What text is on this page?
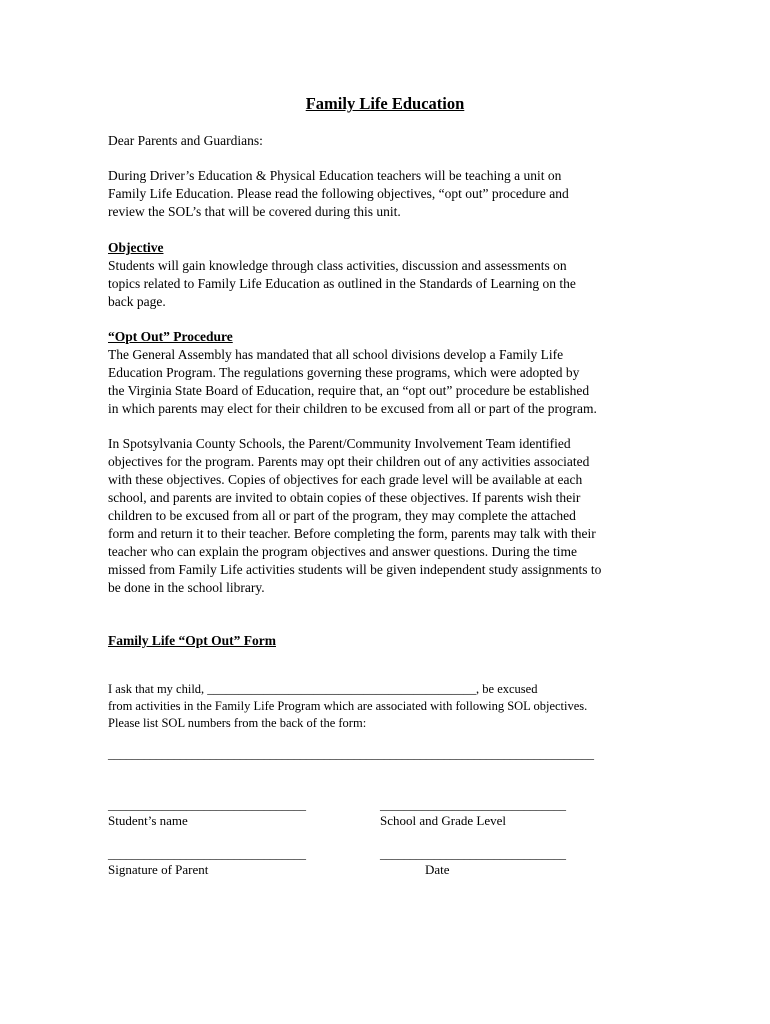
Family Life Education
Dear Parents and Guardians:
During Driver’s Education & Physical Education teachers will be teaching a unit on
Family Life Education. Please read the following objectives, “opt out” procedure and
review the SOL’s that will be covered during this unit.
Objective
Students will gain knowledge through class activities, discussion and assessments on
topics related to Family Life Education as outlined in the Standards of Learning on the
back page.
“Opt Out” Procedure
The General Assembly has mandated that all school divisions develop a Family Life
Education Program. The regulations governing these programs, which were adopted by
the Virginia State Board of Education, require that, an “opt out” procedure be established
in which parents may elect for their children to be excused from all or part of the program.
In Spotsylvania County Schools, the Parent/Community Involvement Team identified
objectives for the program. Parents may opt their children out of any activities associated
with these objectives. Copies of objectives for each grade level will be available at each
school, and parents are invited to obtain copies of these objectives. If parents wish their
children to be excused from all or part of the program, they may complete the attached
form and return it to their teacher. Before completing the form, parents may talk with their
teacher who can explain the program objectives and answer questions. During the time
missed from Family Life activities students will be given independent study assignments to
be done in the school library.
Family Life “Opt Out” Form
I ask that my child, ___________________________________________, be excused
from activities in the Family Life Program which are associated with following SOL objectives.
Please list SOL numbers from the back of the form:
_________________________________________________________________________________
_________________________________
Student’s name
_______________________________
School and Grade Level
_________________________________
Signature of Parent
_______________________________
Date
